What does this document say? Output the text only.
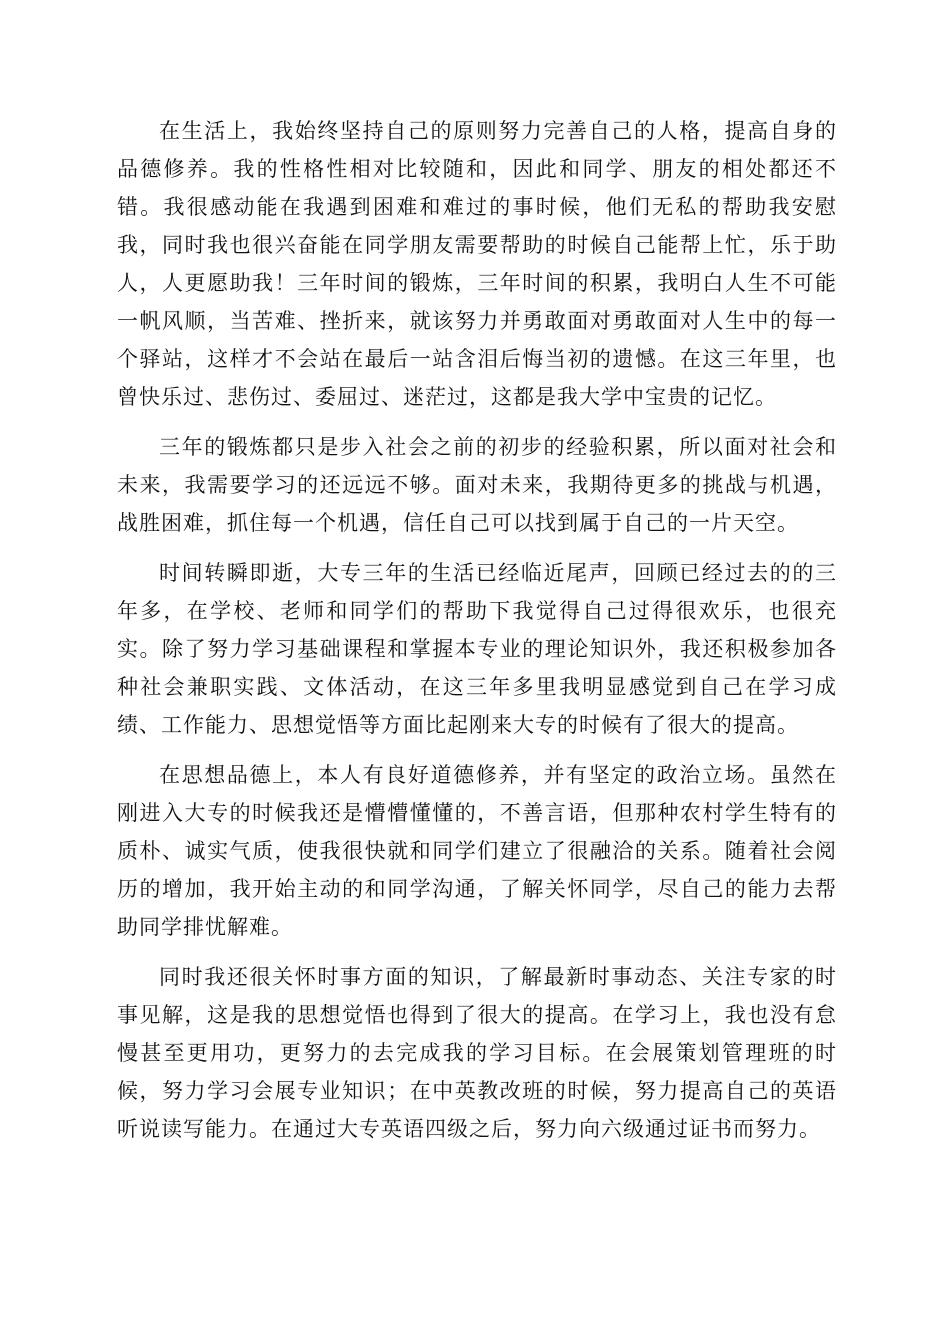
在生活上，我始终坚持自己的原则努力完善自己的人格，提高自身的品德修养。我的性格性相对比较随和，因此和同学、朋友的相处都还不错。我很感动能在我遇到困难和难过的事时候，他们无私的帮助我安慰我，同时我也很兴奋能在同学朋友需要帮助的时候自己能帮上忙，乐于助人，人更愿助我！三年时间的锻炼，三年时间的积累，我明白人生不可能一帆风顺，当苦难、挫折来，就该努力并勇敢面对勇敢面对人生中的每一个驿站，这样才不会站在最后一站含泪后悔当初的遗憾。在这三年里，也曾快乐过、悲伤过、委屈过、迷茫过，这都是我大学中宝贵的记忆。

三年的锻炼都只是步入社会之前的初步的经验积累，所以面对社会和未来，我需要学习的还远远不够。面对未来，我期待更多的挑战与机遇，战胜困难，抓住每一个机遇，信任自己可以找到属于自己的一片天空。

时间转瞬即逝，大专三年的生活已经临近尾声，回顾已经过去的的三年多，在学校、老师和同学们的帮助下我觉得自己过得很欢乐，也很充实。除了努力学习基础课程和掌握本专业的理论知识外，我还积极参加各种社会兼职实践、文体活动，在这三年多里我明显感觉到自己在学习成绩、工作能力、思想觉悟等方面比起刚来大专的时候有了很大的提高。

在思想品德上，本人有良好道德修养，并有坚定的政治立场。虽然在刚进入大专的时候我还是懵懵懂懂的，不善言语，但那种农村学生特有的质朴、诚实气质，使我很快就和同学们建立了很融洽的关系。随着社会阅历的增加，我开始主动的和同学沟通，了解关怀同学，尽自己的能力去帮助同学排忧解难。

同时我还很关怀时事方面的知识，了解最新时事动态、关注专家的时事见解，这是我的思想觉悟也得到了很大的提高。在学习上，我也没有怠慢甚至更用功，更努力的去完成我的学习目标。在会展策划管理班的时候，努力学习会展专业知识；在中英教改班的时候，努力提高自己的英语听说读写能力。在通过大专英语四级之后，努力向六级通过证书而努力。
